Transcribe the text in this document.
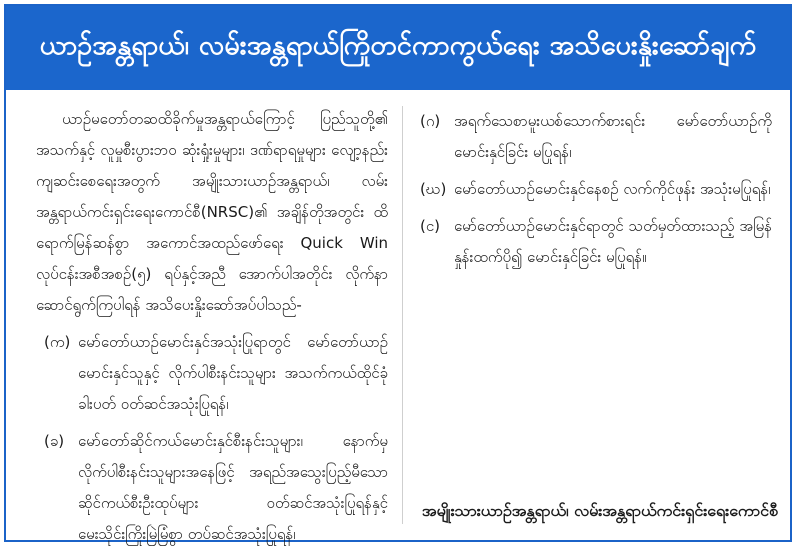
ယာဉ်အန္တရာယ်၊ လမ်းအန္တရာယ်ကြိုတင်ကာကွယ်ရေး အသိပေးနှိုးဆော်ချက်

ယာဉ်မတော်တဆထိခိုက်မှုအန္တရာယ်ကြောင့် ပြည်သူတို့၏ အသက်နှင့် လူမှုစီးပွားဘဝ ဆုံးရှုံးမှုများ၊ ဒဏ်ရာရမှုများ လျော့နည်းကျဆင်းစေရေးအတွက် အမျိုးသားယာဉ်အန္တရာယ်၊ လမ်းအန္တရာယ်ကင်းရှင်းရေးကောင်စီ(NRSC)၏ အချိန်တိုအတွင်း ထိရောက်မြန်ဆန်စွာ အကောင်အထည်ဖော်ရေး Quick Win လုပ်ငန်းအစီအစဉ်(၅) ရပ်နှင့်အညီ အောက်ပါအတိုင်း လိုက်နာဆောင်ရွက်ကြပါရန် အသိပေးနှိုးဆော်အပ်ပါသည်-

(က) မော်တော်ယာဉ်မောင်းနှင်အသုံးပြုရာတွင် မော်တော်ယာဉ်မောင်းနှင်သူနှင့် လိုက်ပါစီးနင်းသူများ အသက်ကယ်ထိုင်ခုံခါးပတ် ဝတ်ဆင်အသုံးပြုရန်၊
(ခ) မော်တော်ဆိုင်ကယ်မောင်းနှင်စီးနင်းသူများ၊ နောက်မှလိုက်ပါစီးနင်းသူများအနေဖြင့် အရည်အသွေးပြည့်မီသော ဆိုင်ကယ်စီးဦးထုပ်များ ဝတ်ဆင်အသုံးပြုရန်နှင့် မေးသိုင်းကြိုးမြဲမြံစွာ တပ်ဆင်အသုံးပြုရန်၊
(ဂ) အရက်သေစာမူးယစ်သောက်စားရင်း မော်တော်ယာဉ်ကို မောင်းနှင်ခြင်း မပြုရန်၊
(ဃ) မော်တော်ယာဉ်မောင်းနှင်နေစဉ် လက်ကိုင်ဖုန်း အသုံးမပြုရန်၊
(င) မော်တော်ယာဉ်မောင်းနှင်ရာတွင် သတ်မှတ်ထားသည့် အမြန်နှုန်းထက်ပို၍ မောင်းနှင်ခြင်း မပြုရန်။
အမျိုးသားယာဉ်အန္တရာယ်၊ လမ်းအန္တရာယ်ကင်းရှင်းရေးကောင်စီ
